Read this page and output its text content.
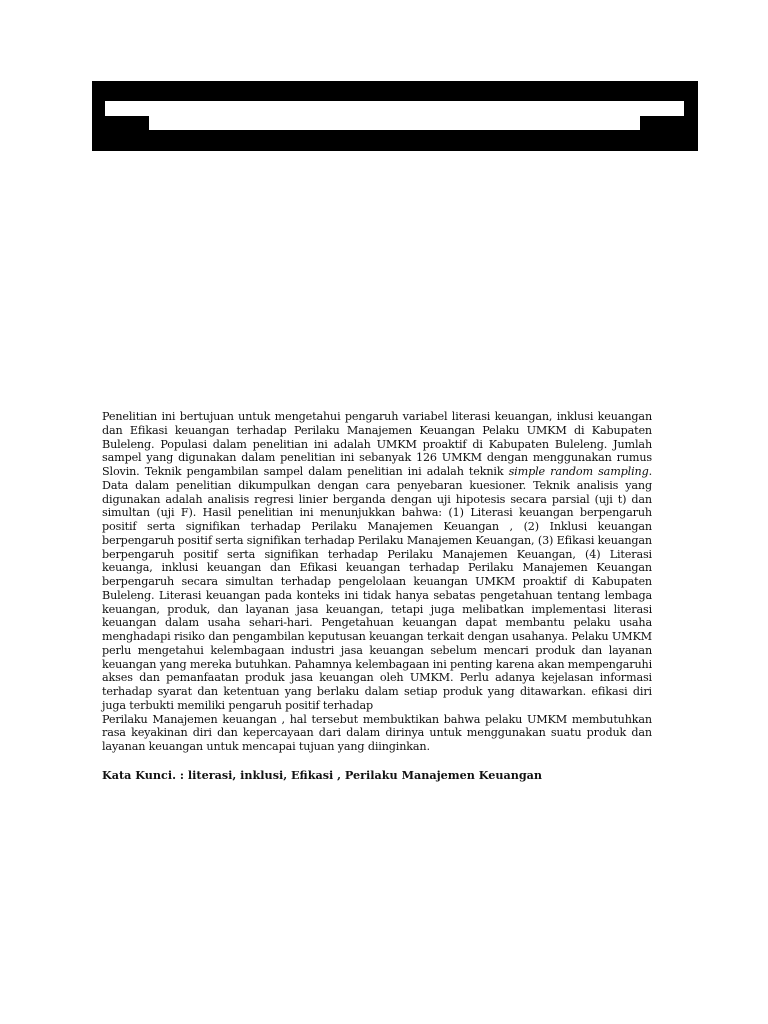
Penelitian ini bertujuan untuk mengetahui pengaruh variabel literasi keuangan, inklusi keuangan dan Efikasi keuangan terhadap Perilaku Manajemen Keuangan Pelaku UMKM di Kabupaten Buleleng. Populasi dalam penelitian ini adalah UMKM proaktif di Kabupaten Buleleng. Jumlah sampel yang digunakan dalam penelitian ini sebanyak 126 UMKM dengan menggunakan rumus Slovin. Teknik pengambilan sampel dalam penelitian ini adalah teknik simple random sampling. Data dalam penelitian dikumpulkan dengan cara penyebaran kuesioner. Teknik analisis yang digunakan adalah analisis regresi linier berganda dengan uji hipotesis secara parsial (uji t) dan simultan (uji F). Hasil penelitian ini menunjukkan bahwa: (1) Literasi keuangan berpengaruh positif serta signifikan terhadap Perilaku Manajemen Keuangan , (2) Inklusi keuangan berpengaruh positif serta signifikan terhadap Perilaku Manajemen Keuangan, (3) Efikasi keuangan berpengaruh positif serta signifikan terhadap Perilaku Manajemen Keuangan, (4) Literasi keuanga, inklusi keuangan dan Efikasi keuangan terhadap Perilaku Manajemen Keuangan berpengaruh secara simultan terhadap pengelolaan keuangan UMKM proaktif di Kabupaten Buleleng. Literasi keuangan pada konteks ini tidak hanya sebatas pengetahuan tentang lembaga keuangan, produk, dan layanan jasa keuangan, tetapi juga melibatkan implementasi literasi keuangan dalam usaha sehari-hari. Pengetahuan keuangan dapat membantu pelaku usaha menghadapi risiko dan pengambilan keputusan keuangan terkait dengan usahanya. Pelaku UMKM perlu mengetahui kelembagaan industri jasa keuangan sebelum mencari produk dan layanan keuangan yang mereka butuhkan. Pahamnya kelembagaan ini penting karena akan mempengaruhi akses dan pemanfaatan produk jasa keuangan oleh UMKM. Perlu adanya kejelasan informasi terhadap syarat dan ketentuan yang berlaku dalam setiap produk yang ditawarkan. efikasi diri juga terbukti memiliki pengaruh positif terhadap

Perilaku Manajemen keuangan , hal tersebut membuktikan bahwa pelaku UMKM membutuhkan rasa keyakinan diri dan kepercayaan dari dalam dirinya untuk menggunakan suatu produk dan layanan keuangan untuk mencapai tujuan yang diinginkan.

Kata Kunci. : literasi, inklusi, Efikasi , Perilaku Manajemen Keuangan
